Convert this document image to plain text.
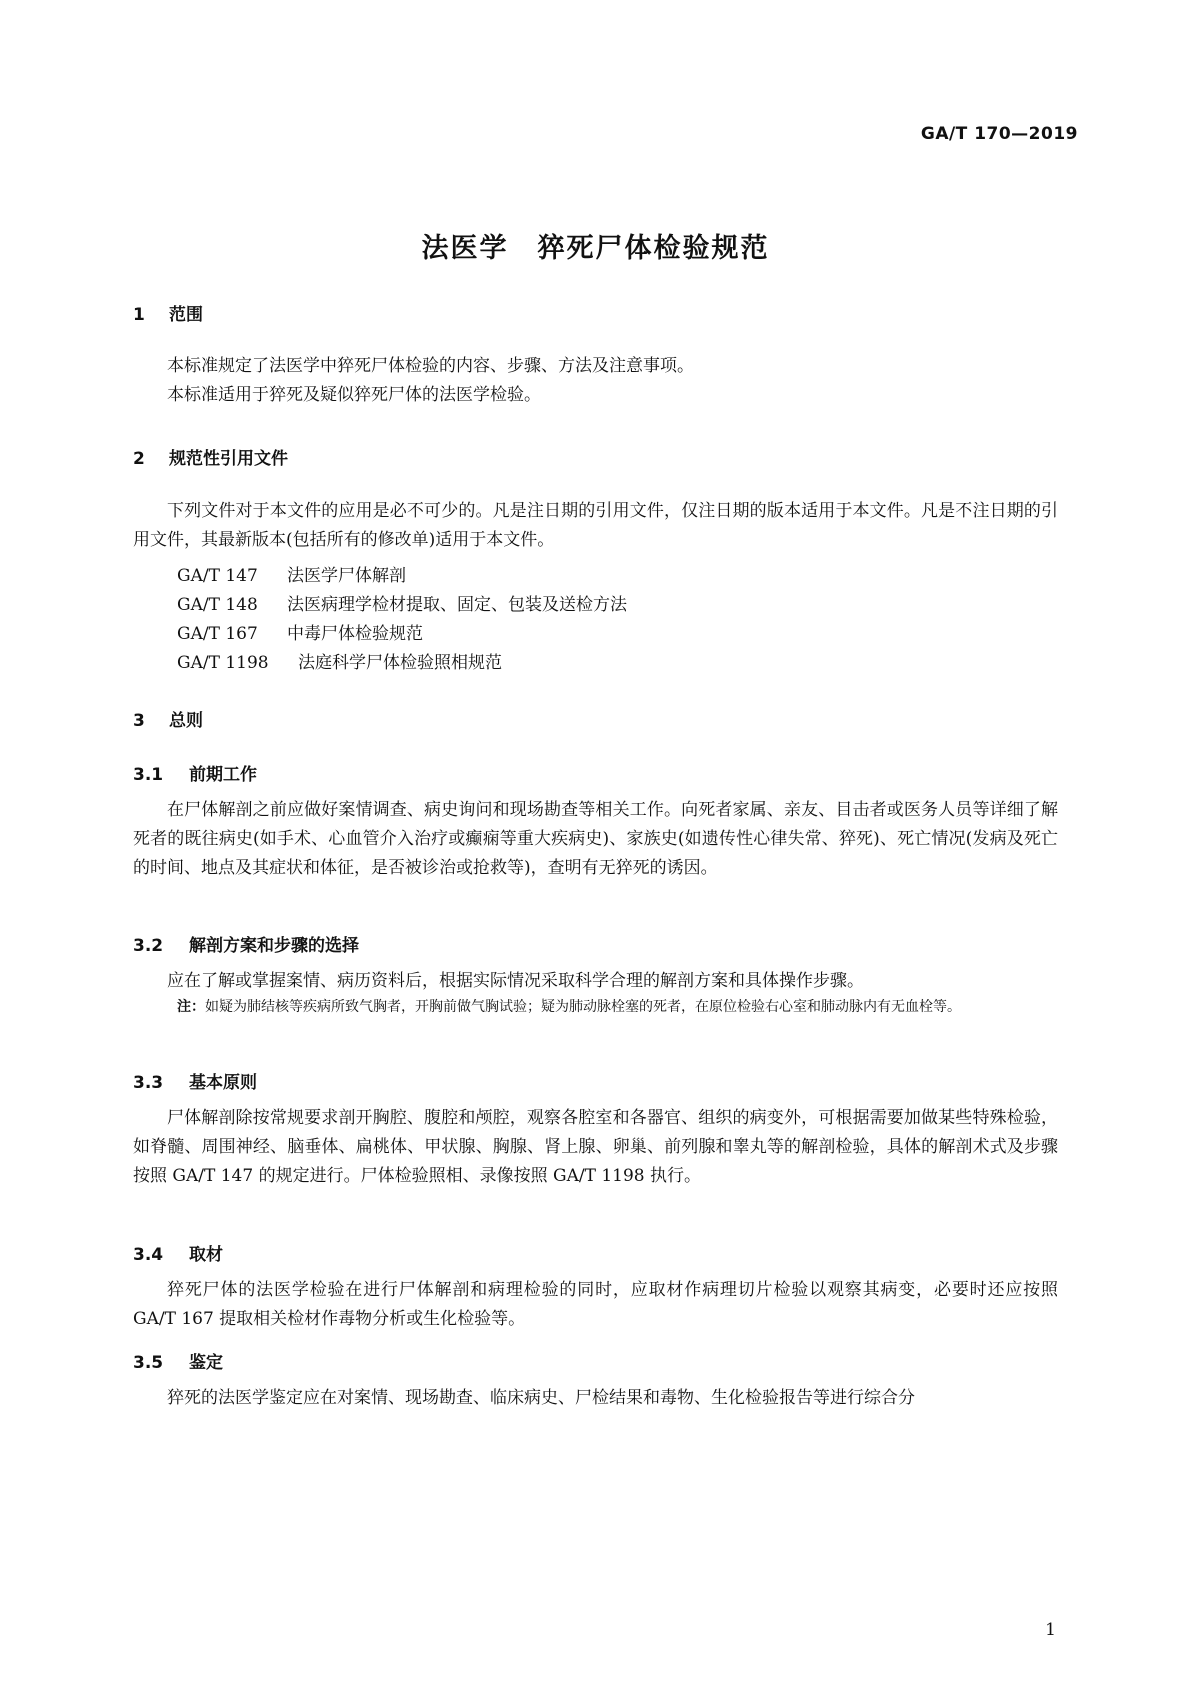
GA/T 170—2019
法医学　猝死尸体检验规范
1 范围
本标准规定了法医学中猝死尸体检验的内容、步骤、方法及注意事项。
本标准适用于猝死及疑似猝死尸体的法医学检验。
2 规范性引用文件
下列文件对于本文件的应用是必不可少的。凡是注日期的引用文件，仅注日期的版本适用于本文件。凡是不注日期的引用文件，其最新版本(包括所有的修改单)适用于本文件。
GA/T 147 法医学尸体解剖
GA/T 148 法医病理学检材提取、固定、包装及送检方法
GA/T 167 中毒尸体检验规范
GA/T 1198 法庭科学尸体检验照相规范
3 总则
3.1 前期工作
在尸体解剖之前应做好案情调查、病史询问和现场勘查等相关工作。向死者家属、亲友、目击者或医务人员等详细了解死者的既往病史(如手术、心血管介入治疗或癫痫等重大疾病史)、家族史(如遗传性心律失常、猝死)、死亡情况(发病及死亡的时间、地点及其症状和体征，是否被诊治或抢救等)，查明有无猝死的诱因。
3.2 解剖方案和步骤的选择
应在了解或掌握案情、病历资料后，根据实际情况采取科学合理的解剖方案和具体操作步骤。
注：如疑为肺结核等疾病所致气胸者，开胸前做气胸试验；疑为肺动脉栓塞的死者，在原位检验右心室和肺动脉内有无血栓等。
3.3 基本原则
尸体解剖除按常规要求剖开胸腔、腹腔和颅腔，观察各腔室和各器官、组织的病变外，可根据需要加做某些特殊检验，如脊髓、周围神经、脑垂体、扁桃体、甲状腺、胸腺、肾上腺、卵巢、前列腺和睾丸等的解剖检验，具体的解剖术式及步骤按照 GA/T 147 的规定进行。尸体检验照相、录像按照 GA/T 1198 执行。
3.4 取材
猝死尸体的法医学检验在进行尸体解剖和病理检验的同时，应取材作病理切片检验以观察其病变，必要时还应按照 GA/T 167 提取相关检材作毒物分析或生化检验等。
3.5 鉴定
猝死的法医学鉴定应在对案情、现场勘查、临床病史、尸检结果和毒物、生化检验报告等进行综合分
1
